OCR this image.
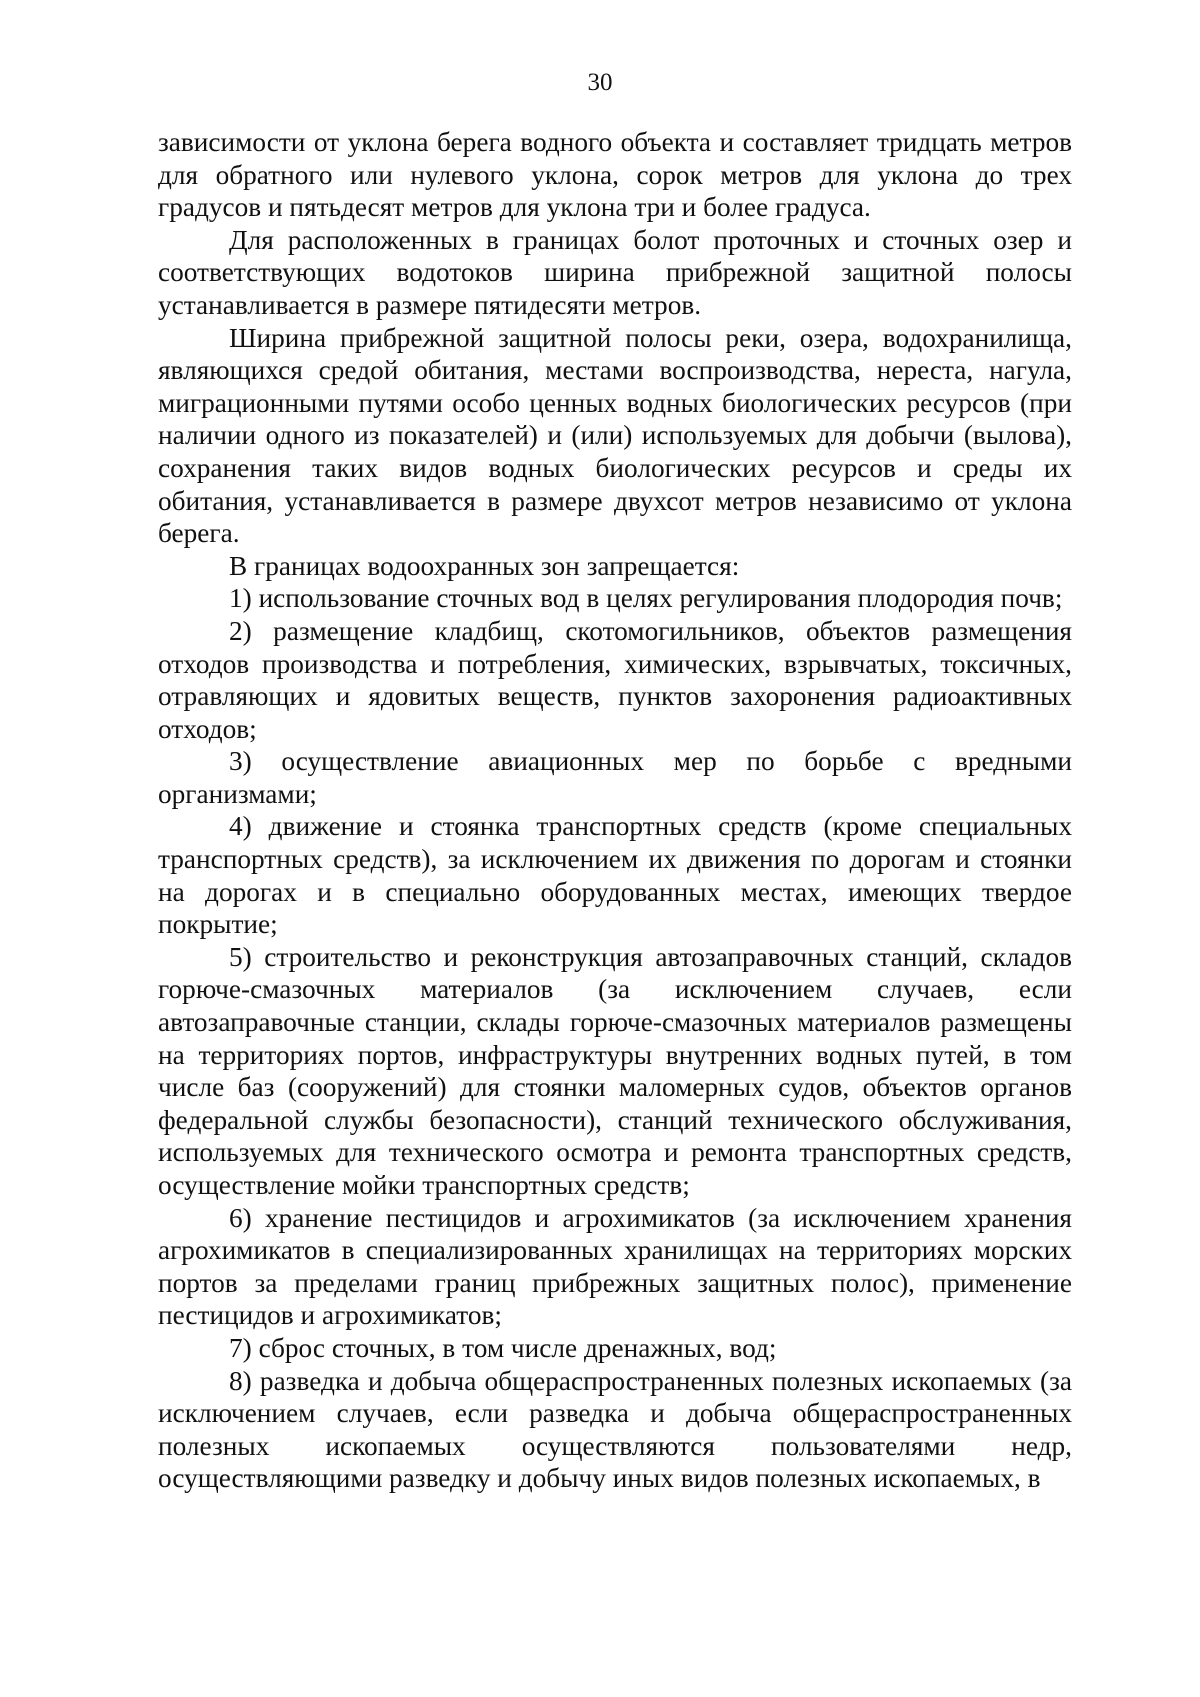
30

зависимости от уклона берега водного объекта и составляет тридцать метров для обратного или нулевого уклона, сорок метров для уклона до трех градусов и пятьдесят метров для уклона три и более градуса.

Для расположенных в границах болот проточных и сточных озер и соответствующих водотоков ширина прибрежной защитной полосы устанавливается в размере пятидесяти метров.

Ширина прибрежной защитной полосы реки, озера, водохранилища, являющихся средой обитания, местами воспроизводства, нереста, нагула, миграционными путями особо ценных водных биологических ресурсов (при наличии одного из показателей) и (или) используемых для добычи (вылова), сохранения таких видов водных биологических ресурсов и среды их обитания, устанавливается в размере двухсот метров независимо от уклона берега.

В границах водоохранных зон запрещается:

1) использование сточных вод в целях регулирования плодородия почв;

2) размещение кладбищ, скотомогильников, объектов размещения отходов производства и потребления, химических, взрывчатых, токсичных, отравляющих и ядовитых веществ, пунктов захоронения радиоактивных отходов;

3) осуществление авиационных мер по борьбе с вредными организмами;

4) движение и стоянка транспортных средств (кроме специальных транспортных средств), за исключением их движения по дорогам и стоянки на дорогах и в специально оборудованных местах, имеющих твердое покрытие;

5) строительство и реконструкция автозаправочных станций, складов горюче-смазочных материалов (за исключением случаев, если автозаправочные станции, склады горюче-смазочных материалов размещены на территориях портов, инфраструктуры внутренних водных путей, в том числе баз (сооружений) для стоянки маломерных судов, объектов органов федеральной службы безопасности), станций технического обслуживания, используемых для технического осмотра и ремонта транспортных средств, осуществление мойки транспортных средств;

6) хранение пестицидов и агрохимикатов (за исключением хранения агрохимикатов в специализированных хранилищах на территориях морских портов за пределами границ прибрежных защитных полос), применение пестицидов и агрохимикатов;

7) сброс сточных, в том числе дренажных, вод;

8) разведка и добыча общераспространенных полезных ископаемых (за исключением случаев, если разведка и добыча общераспространенных полезных ископаемых осуществляются пользователями недр, осуществляющими разведку и добычу иных видов полезных ископаемых, в
